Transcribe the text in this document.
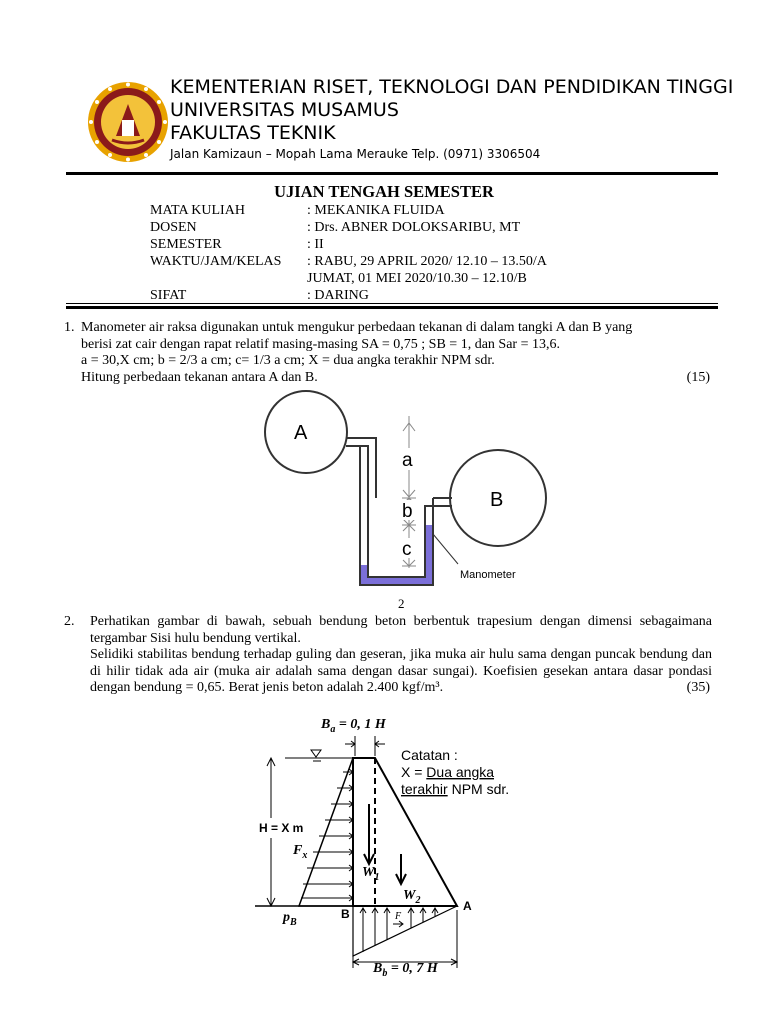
KEMENTERIAN RISET, TEKNOLOGI DAN PENDIDIKAN TINGGI
UNIVERSITAS MUSAMUS
FAKULTAS TEKNIK
Jalan Kamizaun – Mopah Lama Merauke Telp. (0971) 3306504
UJIAN TENGAH SEMESTER
MATA KULIAH	: MEKANIKA FLUIDA
DOSEN	: Drs. ABNER DOLOKSARIBU, MT
SEMESTER	: II
WAKTU/JAM/KELAS	: RABU, 29 APRIL 2020/ 12.10 – 13.50/A
JUMAT, 01 MEI 2020/10.30 – 12.10/B
SIFAT	: DARING
1. Manometer air raksa digunakan untuk mengukur perbedaan tekanan di dalam tangki A dan B yang
berisi zat cair dengan rapat relatif masing-masing SA = 0,75 ; SB = 1, dan Sar = 13,6.
a = 30,X cm; b = 2/3 a cm; c= 1/3 a cm; X = dua angka terakhir NPM sdr.
Hitung perbedaan tekanan antara A dan B.	(15)
A
B
a
b
c
Manometer
2
2. Perhatikan gambar di bawah, sebuah bendung beton berbentuk trapesium dengan dimensi sebagaimana tergambar Sisi hulu bendung vertikal.
Selidiki stabilitas bendung terhadap guling dan geseran, jika muka air hulu sama dengan puncak bendung dan di hilir tidak ada air (muka air adalah sama dengan dasar sungai). Koefisien gesekan antara dasar pondasi dengan bendung = 0,65. Berat jenis beton adalah 2.400 kgf/m³.	(35)
$B_a = 0$, 1 H
H = X m
$F_x$
$W_1$
$W_2$
F
$p_B$
B
A
$B_b = 0$, 7 H
Catatan :
X = Dua angka
terakhir NPM sdr.
